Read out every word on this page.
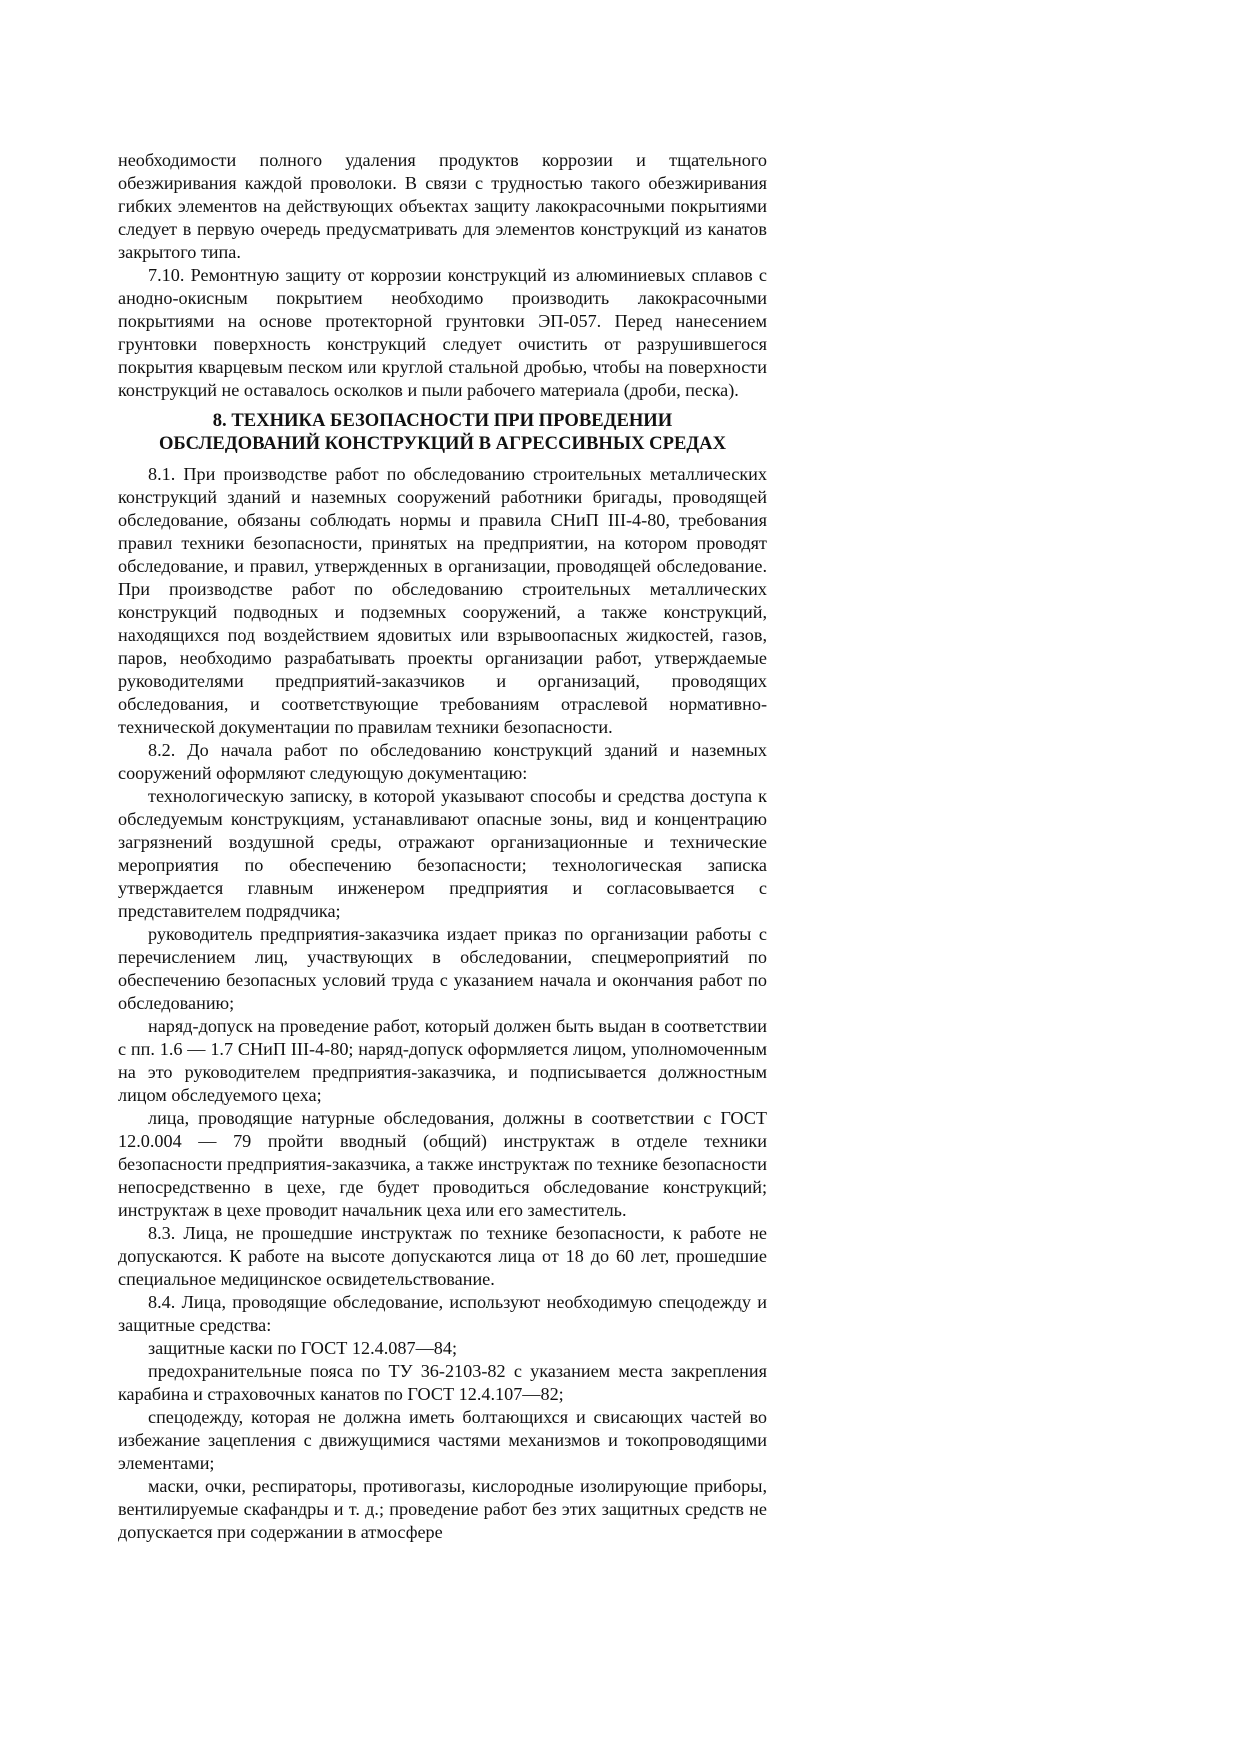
необходимости полного удаления продуктов коррозии и тщательного обезжиривания каждой проволоки. В связи с трудностью такого обезжиривания гибких элементов на действующих объектах защиту лакокрасочными покрытиями следует в первую очередь предусматривать для элементов конструкций из канатов закрытого типа.

7.10. Ремонтную защиту от коррозии конструкций из алюминиевых сплавов с анодно-окисным покрытием необходимо производить лакокрасочными покрытиями на основе протекторной грунтовки ЭП-057. Перед нанесением грунтовки поверхность конструкций следует очистить от разрушившегося покрытия кварцевым песком или круглой стальной дробью, чтобы на поверхности конструкций не оставалось осколков и пыли рабочего материала (дроби, песка).

8. ТЕХНИКА БЕЗОПАСНОСТИ ПРИ ПРОВЕДЕНИИ
ОБСЛЕДОВАНИЙ КОНСТРУКЦИЙ В АГРЕССИВНЫХ СРЕДАХ

8.1. При производстве работ по обследованию строительных металлических конструкций зданий и наземных сооружений работники бригады, проводящей обследование, обязаны соблюдать нормы и правила СНиП III-4-80, требования правил техники безопасности, принятых на предприятии, на котором проводят обследование, и правил, утвержденных в организации, проводящей обследование. При производстве работ по обследованию строительных металлических конструкций подводных и подземных сооружений, а также конструкций, находящихся под воздействием ядовитых или взрывоопасных жидкостей, газов, паров, необходимо разрабатывать проекты организации работ, утверждаемые руководителями предприятий-заказчиков и организаций, проводящих обследования, и соответствующие требованиям отраслевой нормативно-технической документации по правилам техники безопасности.

8.2. До начала работ по обследованию конструкций зданий и наземных сооружений оформляют следующую документацию:

технологическую записку, в которой указывают способы и средства доступа к обследуемым конструкциям, устанавливают опасные зоны, вид и концентрацию загрязнений воздушной среды, отражают организационные и технические мероприятия по обеспечению безопасности; технологическая записка утверждается главным инженером предприятия и согласовывается с представителем подрядчика;

руководитель предприятия-заказчика издает приказ по организации работы с перечислением лиц, участвующих в обследовании, спецмероприятий по обеспечению безопасных условий труда с указанием начала и окончания работ по обследованию;

наряд-допуск на проведение работ, который должен быть выдан в соответствии с пп. 1.6 — 1.7 СНиП III-4-80; наряд-допуск оформляется лицом, уполномоченным на это руководителем предприятия-заказчика, и подписывается должностным лицом обследуемого цеха;

лица, проводящие натурные обследования, должны в соответствии с ГОСТ 12.0.004 — 79 пройти вводный (общий) инструктаж в отделе техники безопасности предприятия-заказчика, а также инструктаж по технике безопасности непосредственно в цехе, где будет проводиться обследование конструкций; инструктаж в цехе проводит начальник цеха или его заместитель.

8.3. Лица, не прошедшие инструктаж по технике безопасности, к работе не допускаются. К работе на высоте допускаются лица от 18 до 60 лет, прошедшие специальное медицинское освидетельствование.

8.4. Лица, проводящие обследование, используют необходимую спецодежду и защитные средства:

защитные каски по ГОСТ 12.4.087—84;

предохранительные пояса по ТУ 36-2103-82 с указанием места закрепления карабина и страховочных канатов по ГОСТ 12.4.107—82;

спецодежду, которая не должна иметь болтающихся и свисающих частей во избежание зацепления с движущимися частями механизмов и токопроводящими элементами;

маски, очки, респираторы, противогазы, кислородные изолирующие приборы, вентилируемые скафандры и т. д.; проведение работ без этих защитных средств не допускается при содержании в атмосфере
